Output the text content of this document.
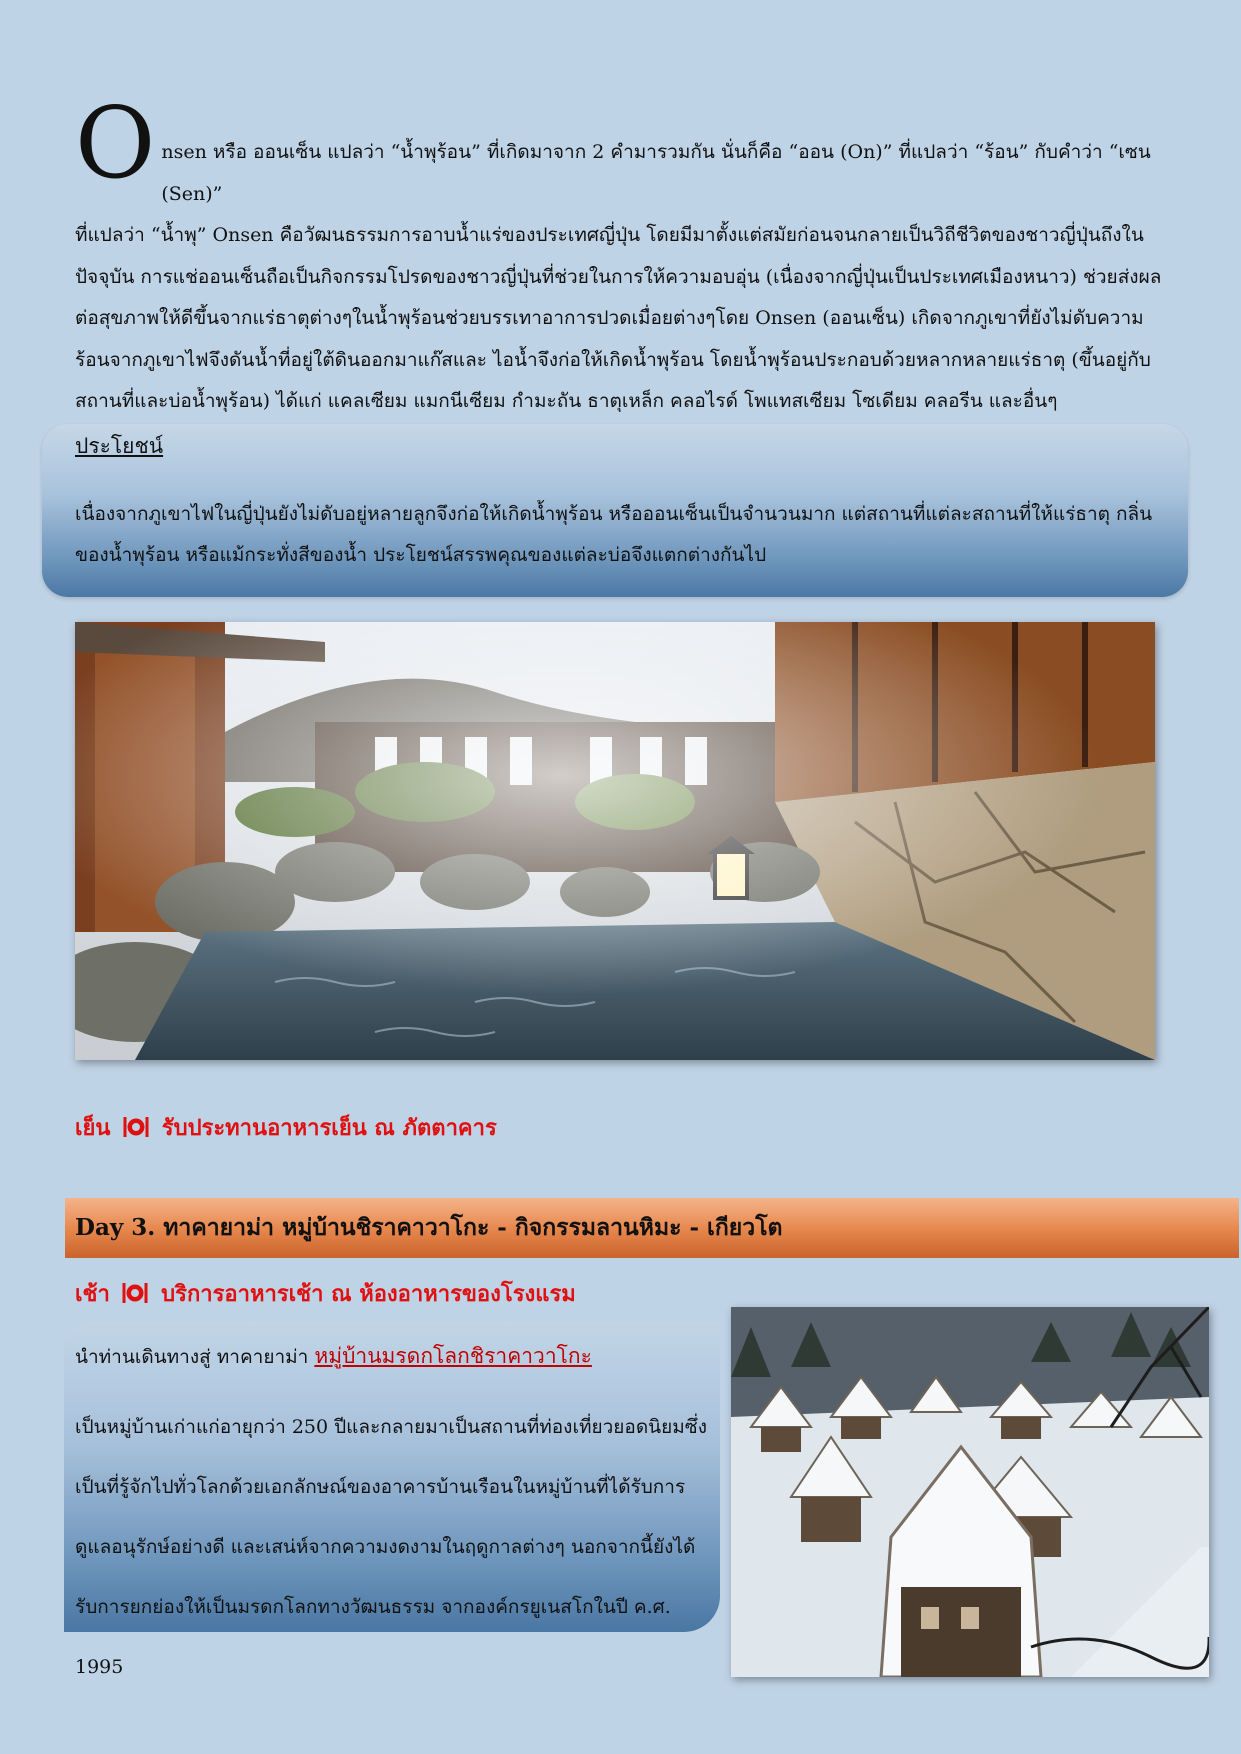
O nsen หรือ ออนเซ็น แปลว่า “น้ำพุร้อน” ที่เกิดมาจาก 2 คำมารวมกัน นั่นก็คือ “ออน (On)” ที่แปลว่า “ร้อน” กับคำว่า “เซน (Sen)”
ที่แปลว่า “น้ำพุ” Onsen คือวัฒนธรรมการอาบน้ำแร่ของประเทศญี่ปุ่น โดยมีมาตั้งแต่สมัยก่อนจนกลายเป็นวิถีชีวิตของชาวญี่ปุ่นถึงในปัจจุบัน การแช่ออนเซ็นถือเป็นกิจกรรมโปรดของชาวญี่ปุ่นที่ช่วยในการให้ความอบอุ่น (เนื่องจากญี่ปุ่นเป็นประเทศเมืองหนาว) ช่วยส่งผลต่อสุขภาพให้ดีขึ้นจากแร่ธาตุต่างๆในน้ำพุร้อนช่วยบรรเทาอาการปวดเมื่อยต่างๆโดย Onsen (ออนเซ็น) เกิดจากภูเขาที่ยังไม่ดับความร้อนจากภูเขาไฟจึงดันน้ำที่อยู่ใต้ดินออกมาแก๊สและ ไอน้ำจึงก่อให้เกิดน้ำพุร้อน โดยน้ำพุร้อนประกอบด้วยหลากหลายแร่ธาตุ (ขึ้นอยู่กับสถานที่และบ่อน้ำพุร้อน) ได้แก่ แคลเซียม แมกนีเซียม กำมะถัน ธาตุเหล็ก คลอไรด์ โพแทสเซียม โซเดียม คลอรีน และอื่นๆ
ประโยชน์
เนื่องจากภูเขาไฟในญี่ปุ่นยังไม่ดับอยู่หลายลูกจึงก่อให้เกิดน้ำพุร้อน หรือออนเซ็นเป็นจำนวนมาก แต่สถานที่แต่ละสถานที่ให้แร่ธาตุ กลิ่นของน้ำพุร้อน หรือแม้กระทั่งสีของน้ำ ประโยชน์สรรพคุณของแต่ละบ่อจึงแตกต่างกันไป
เย็น รับประทานอาหารเย็น ณ ภัตตาคาร
Day 3. ทาคายาม่า หมู่บ้านชิราคาวาโกะ - กิจกรรมลานหิมะ - เกียวโต
เช้า บริการอาหารเช้า ณ ห้องอาหารของโรงแรม
นำท่านเดินทางสู่ ทาคายาม่า หมู่บ้านมรดกโลกชิราคาวาโกะ
เป็นหมู่บ้านเก่าแก่อายุกว่า 250 ปีและกลายมาเป็นสถานที่ท่องเที่ยวยอดนิยมซึ่งเป็นที่รู้จักไปทั่วโลกด้วยเอกลักษณ์ของอาคารบ้านเรือนในหมู่บ้านที่ได้รับการดูแลอนุรักษ์อย่างดี และเสน่ห์จากความงดงามในฤดูกาลต่างๆ นอกจากนี้ยังได้รับการยกย่องให้เป็นมรดกโลกทางวัฒนธรรม จากองค์กรยูเนสโกในปี ค.ศ. 1995
